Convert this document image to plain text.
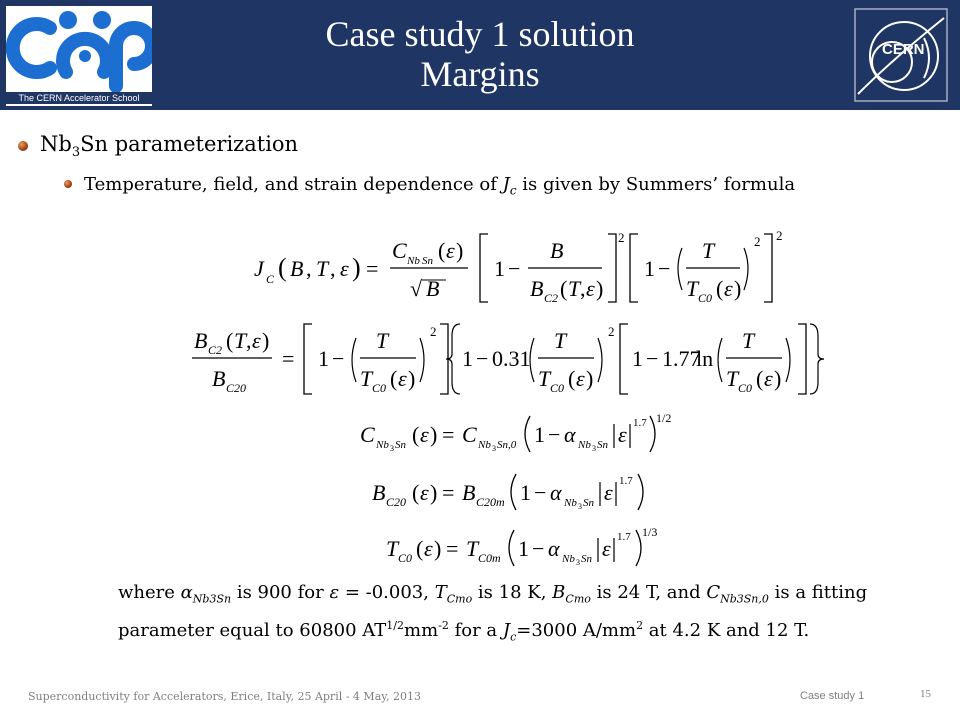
The CERN Accelerator School
Case study 1 solution
Margins
CERN
$Nb_3Sn$ parameterization
Temperature, field, and strain dependence of $J_c$ is given by Summers’ formula
J C ( B , T , ε ) =
C Nb Sn ( ε )
√ B
1 −
B
B C2 ( T , ε )
2
1 −
T
T C0 ( ε )
2 2
B C2 ( T , ε )
B C20
= 1 −
T
T C0 ( ε )
2
1 − 0.31
T
T C0 ( ε )
2
1 − 1.77
ln
T
T C0 ( ε )
C Nb 3 Sn ( ε ) = C Nb 3 Sn,0 1 − α Nb 3 Sn ε 1.7 1/2
B C20 ( ε ) = B C20m 1 − α Nb 3 Sn ε 1.7
T C0 ( ε ) = T C0m 1 − α Nb 3 Sn ε 1.7 1/3
where $\alpha_{Nb3Sn}$ is 900 for ε = -0.003, $T_{Cmo}$ is 18 K, $B_{Cmo}$ is 24 T, and $C_{Nb3Sn,0}$ is a fitting parameter equal to 60800 $AT^{1/2}mm^{-2}$ for a $J_c=3000$ $A/mm^2$ at 4.2 K and 12 T.
Superconductivity for Accelerators, Erice, Italy, 25 April - 4 May, 2013	Case study 1	15
